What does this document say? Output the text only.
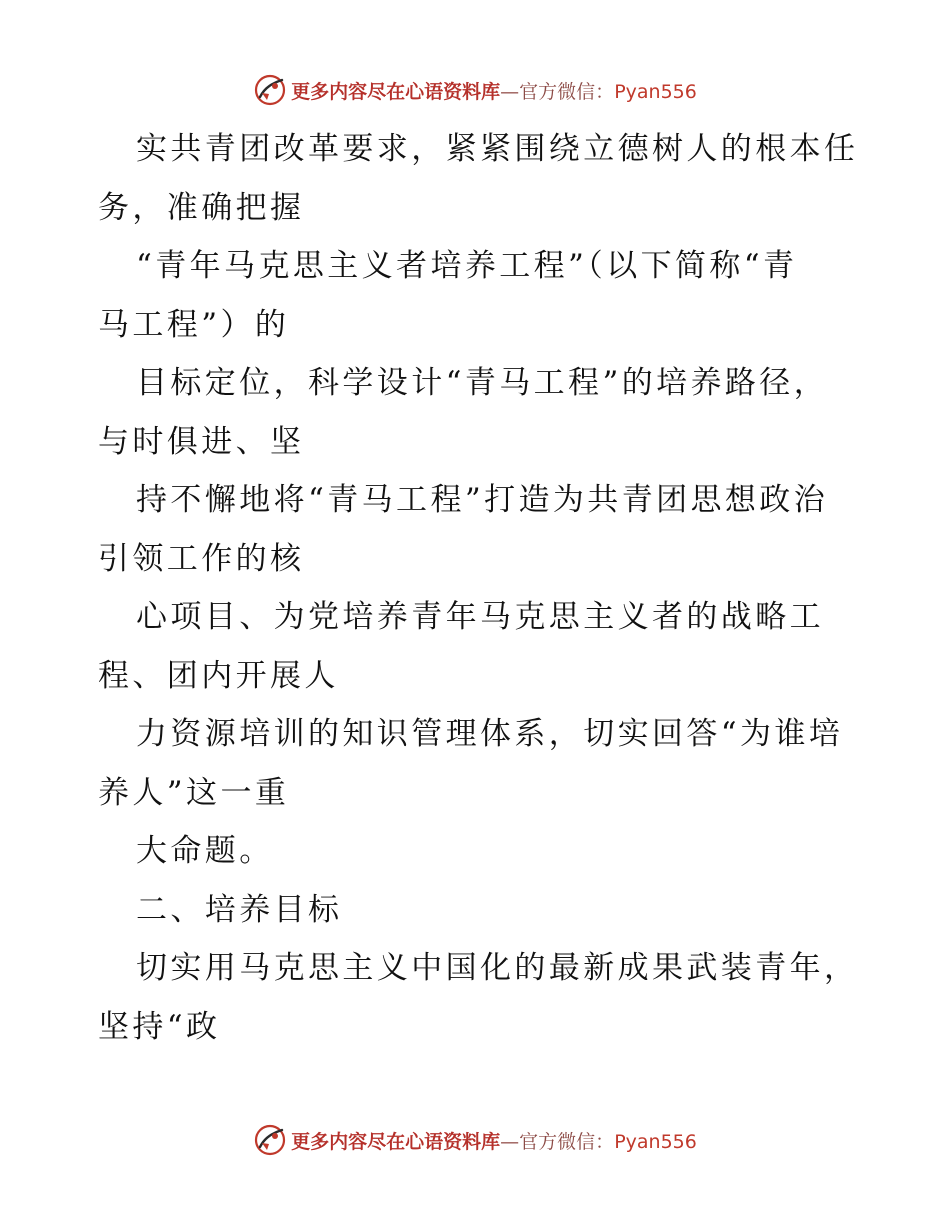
更多内容尽在心语资料库—官方微信：Pyan556
实共青团改革要求，紧紧围绕立德树人的根本任
务，准确把握
“青年马克思主义者培养工程”（以下简称“青
马工程”）的
目标定位，科学设计“青马工程”的培养路径，
与时俱进、坚
持不懈地将“青马工程”打造为共青团思想政治
引领工作的核
心项目、为党培养青年马克思主义者的战略工
程、团内开展人
力资源培训的知识管理体系，切实回答“为谁培
养人”这一重
大命题。
二、培养目标
切实用马克思主义中国化的最新成果武装青年，
坚持“政
更多内容尽在心语资料库—官方微信：Pyan556
